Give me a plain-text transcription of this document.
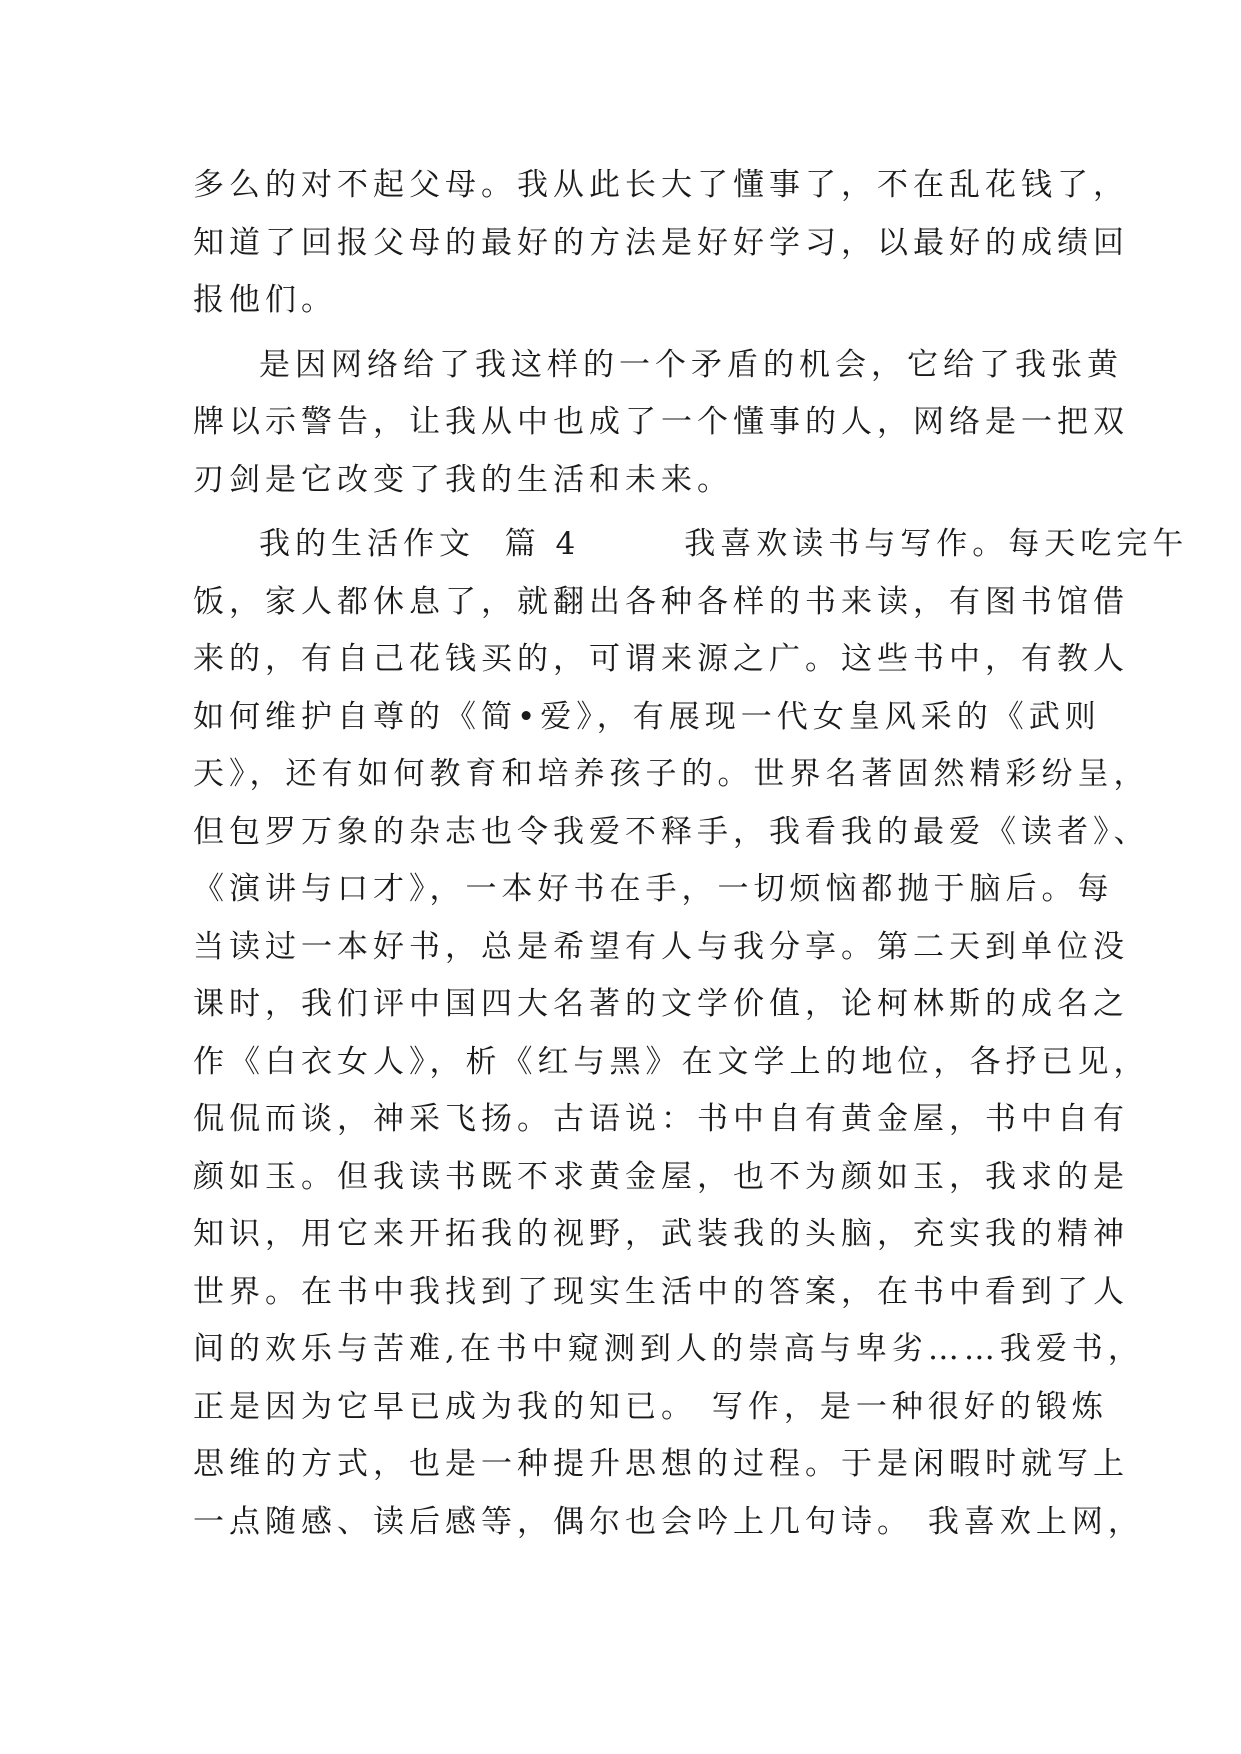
多么的对不起父母。我从此长大了懂事了，不在乱花钱了，
知道了回报父母的最好的方法是好好学习，以最好的成绩回
报他们。
是因网络给了我这样的一个矛盾的机会，它给了我张黄
牌以示警告，让我从中也成了一个懂事的人，网络是一把双
刃剑是它改变了我的生活和未来。
我的生活作文  篇 4       我喜欢读书与写作。每天吃完午
饭，家人都休息了，就翻出各种各样的书来读，有图书馆借
来的，有自己花钱买的，可谓来源之广。这些书中，有教人
如何维护自尊的《简•爱》，有展现一代女皇风采的《武则
天》，还有如何教育和培养孩子的。世界名著固然精彩纷呈，
但包罗万象的杂志也令我爱不释手，我看我的最爱《读者》、
《演讲与口才》，一本好书在手，一切烦恼都抛于脑后。每
当读过一本好书，总是希望有人与我分享。第二天到单位没
课时，我们评中国四大名著的文学价值，论柯林斯的成名之
作《白衣女人》，析《红与黑》在文学上的地位，各抒已见，
侃侃而谈，神采飞扬。古语说：书中自有黄金屋，书中自有
颜如玉。但我读书既不求黄金屋，也不为颜如玉，我求的是
知识，用它来开拓我的视野，武装我的头脑，充实我的精神
世界。在书中我找到了现实生活中的答案，在书中看到了人
间的欢乐与苦难,在书中窥测到人的崇高与卑劣……我爱书，
正是因为它早已成为我的知已。 写作，是一种很好的锻炼
思维的方式，也是一种提升思想的过程。于是闲暇时就写上
一点随感、读后感等，偶尔也会吟上几句诗。 我喜欢上网，
